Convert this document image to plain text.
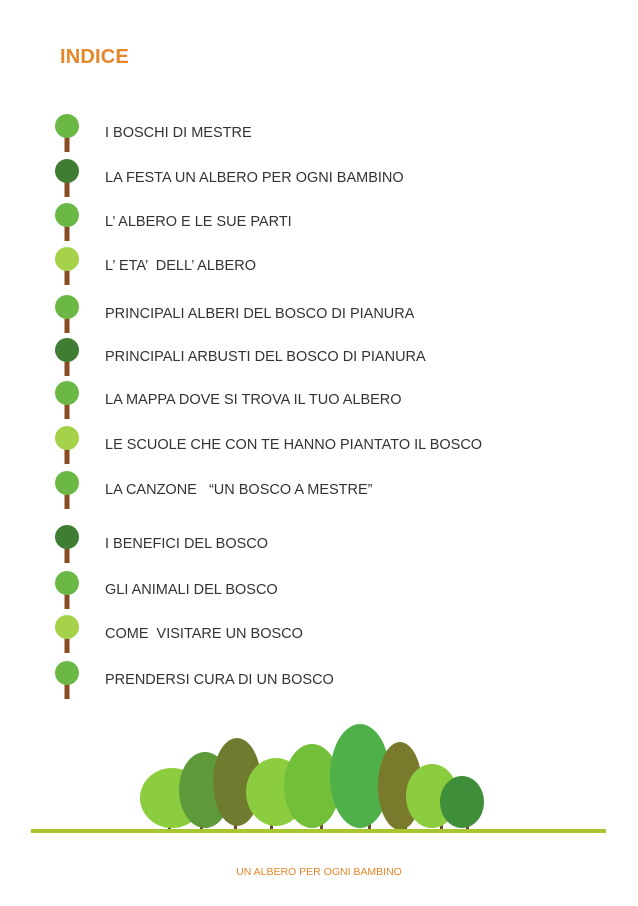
INDICE
I BOSCHI DI MESTRE
LA FESTA UN ALBERO PER OGNI BAMBINO
L’ ALBERO E LE SUE PARTI
L’ ETA’  DELL’ ALBERO
PRINCIPALI ALBERI DEL BOSCO DI PIANURA
PRINCIPALI ARBUSTI DEL BOSCO DI PIANURA
LA MAPPA DOVE SI TROVA IL TUO ALBERO
LE SCUOLE CHE CON TE HANNO PIANTATO IL BOSCO
LA CANZONE   “UN BOSCO A MESTRE”
I BENEFICI DEL BOSCO
GLI ANIMALI DEL BOSCO
COME  VISITARE UN BOSCO
PRENDERSI CURA DI UN BOSCO
UN ALBERO PER OGNI BAMBINO
